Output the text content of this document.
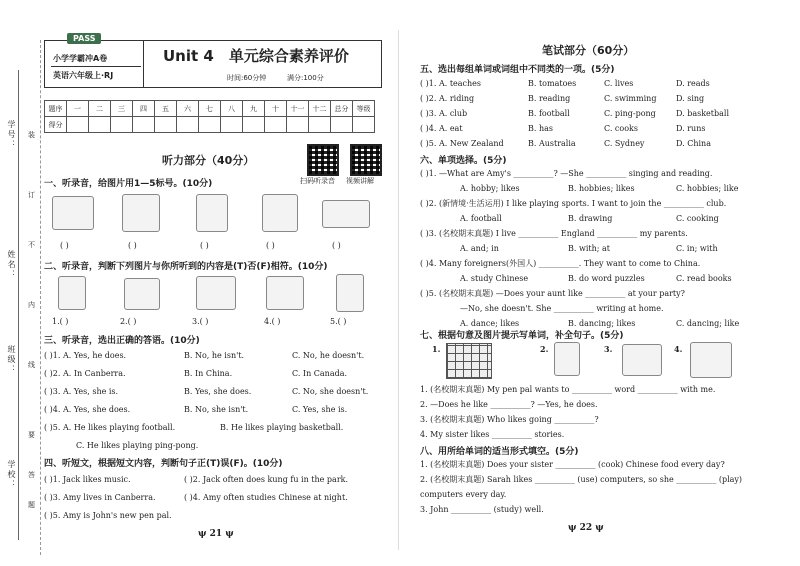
学号：
姓名：
班级：
学校：
装
订
不
内
线
要
答
题
PASS
小学学霸冲A卷
英语六年级上·RJ
Unit 4　单元综合素养评价
时间:60分钟	满分:100分
题序	一	二	三	四	五	六	七	八	九	十	十一	十二	总分	等级
得分														
听力部分（40分）
扫码听录音 视频讲解
一、听录音，给图片用1—5标号。(10分)
( )	( )	( )	( )	( )
二、听录音，判断下列图片与你所听到的内容是(T)否(F)相符。(10分)
1.( )	2.( )	3.( )	4.( )	5.( )
三、听录音，选出正确的答语。(10分)
( )1. A. Yes, he does.	B. No, he isn't.	C. No, he doesn't.
( )2. A. In Canberra.	B. In China.	C. In Canada.
( )3. A. Yes, she is.	B. Yes, she does.	C. No, she doesn't.
( )4. A. Yes, she does.	B. No, she isn't.	C. Yes, she is.
( )5. A. He likes playing football.	B. He likes playing basketball.
C. He likes playing ping-pong.
四、听短文，根据短文内容，判断句子正(T)误(F)。(10分)
( )1. Jack likes music.	( )2. Jack often does kung fu in the park.
( )3. Amy lives in Canberra.	( )4. Amy often studies Chinese at night.
( )5. Amy is John's new pen pal.
ψ 21 ψ
笔试部分（60分）
五、选出每组单词或词组中不同类的一项。(5分)
( )1. A. teaches	B. tomatoes	C. lives	D. reads
( )2. A. riding	B. reading	C. swimming D. sing
( )3. A. club	B. football	C. ping-pong	D. basketball
( )4. A. eat	B. has	C. cooks	D. runs
( )5. A. New Zealand	B. Australia	C. Sydney	D. China
六、单项选择。(5分)
( )1. —What are Amy's __________? —She __________ singing and reading.
A. hobby; likes	B. hobbies; likes	C. hobbies; like
( )2. (新情境·生活运用) I like playing sports. I want to join the __________ club.
A. football	B. drawing	C. cooking
( )3. (名校期末真题) I live __________ England __________ my parents.
A. and; in	B. with; at	C. in; with
( )4. Many foreigners(外国人) __________. They want to come to China.
A. study Chinese	B. do word puzzles	C. read books
( )5. (名校期末真题) —Does your aunt like __________ at your party?
—No, she doesn't. She __________ writing at home.
A. dance; likes	B. dancing; likes	C. dancing; like
七、根据句意及图片提示写单词，补全句子。(5分)
1.	2.	3.	4.
1. (名校期末真题) My pen pal wants to __________ word __________ with me.
2. —Does he like __________? —Yes, he does.
3. (名校期末真题) Who likes going __________?
4. My sister likes __________ stories.
八、用所给单词的适当形式填空。(5分)
1. (名校期末真题) Does your sister __________ (cook) Chinese food every day?
2. (名校期末真题) Sarah likes __________ (use) computers, so she __________ (play)
computers every day.
3. John __________ (study) well.
ψ 22 ψ
